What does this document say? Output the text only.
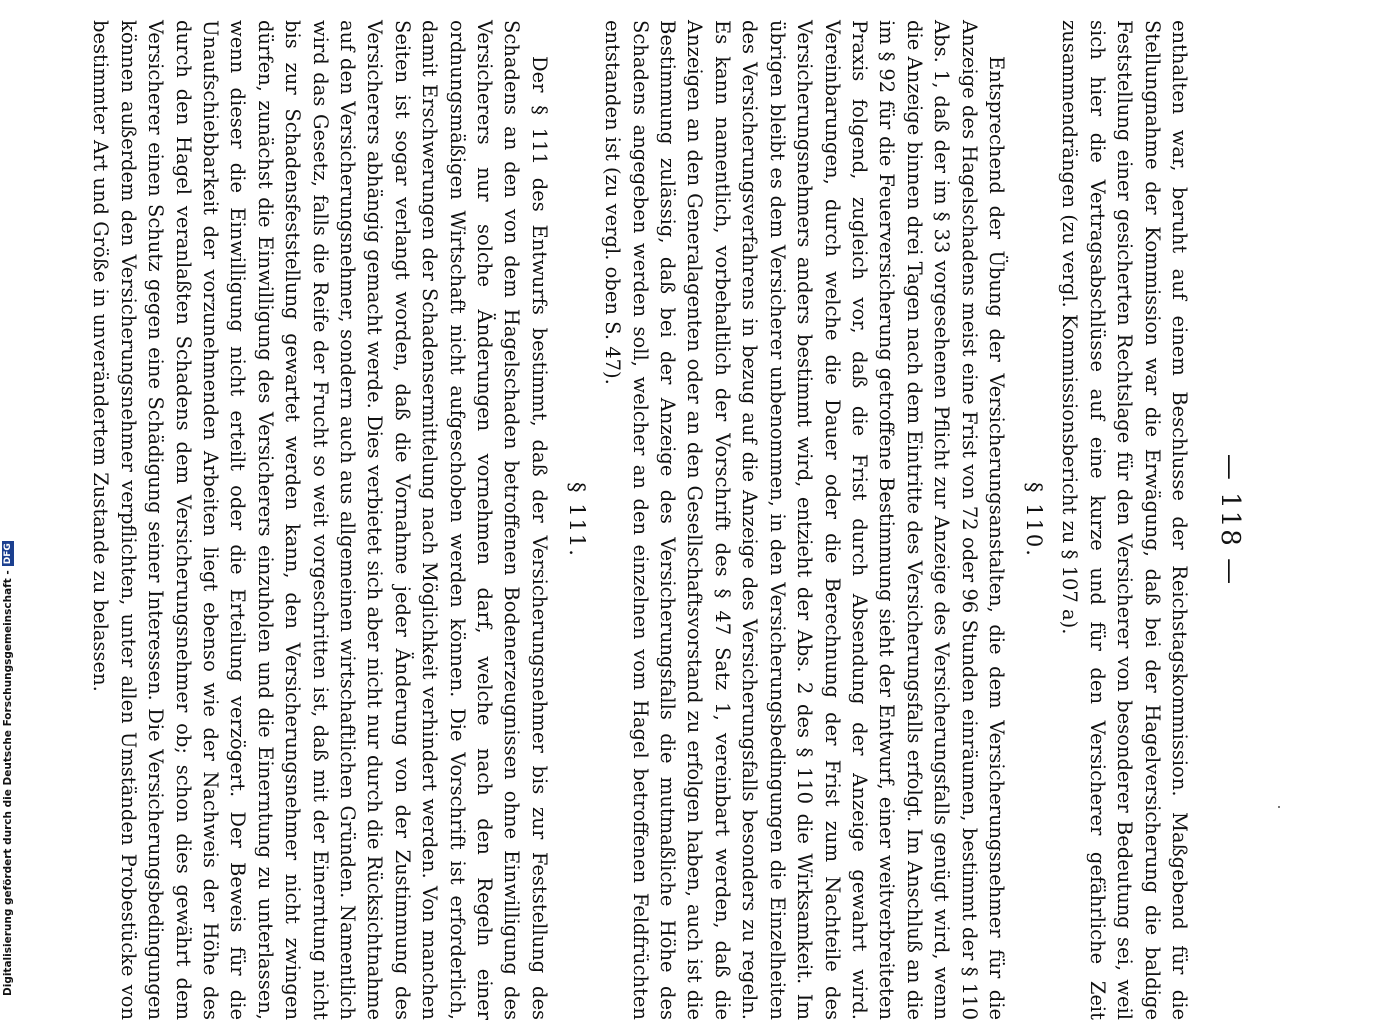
— 118 —

enthalten war, beruht auf einem Beschlusse der Reichstagskommission. Maßgebend für die Stellungnahme der Kommission war die Erwägung, daß bei der Hagelversicherung die baldige Feststellung einer gesicherten Rechtslage für den Versicherer von besonderer Bedeutung sei, weil sich hier die Vertragsabschlüsse auf eine kurze und für den Versicherer gefährliche Zeit zusammendrängen (zu vergl. Kommissionsbericht zu § 107 a).

§ 110.

Entsprechend der Übung der Versicherungsanstalten, die dem Versicherungsnehmer für die Anzeige des Hagelschadens meist eine Frist von 72 oder 96 Stunden einräumen, bestimmt der § 110 Abs. 1, daß der im § 33 vorgesehenen Pflicht zur Anzeige des Versicherungsfalls genügt wird, wenn die Anzeige binnen drei Tagen nach dem Eintritte des Versicherungsfalls erfolgt. Im Anschluß an die im § 92 für die Feuerversicherung getroffene Bestimmung sieht der Entwurf, einer weitverbreiteten Praxis folgend, zugleich vor, daß die Frist durch Absendung der Anzeige gewahrt wird. Vereinbarungen, durch welche die Dauer oder die Berechnung der Frist zum Nachteile des Versicherungsnehmers anders bestimmt wird, entzieht der Abs. 2 des § 110 die Wirksamkeit. Im übrigen bleibt es dem Versicherer unbenommen, in den Versicherungsbedingungen die Einzelheiten des Versicherungsverfahrens in bezug auf die Anzeige des Versicherungsfalls besonders zu regeln. Es kann namentlich, vorbehaltlich der Vorschrift des § 47 Satz 1, vereinbart werden, daß die Anzeigen an den Generalagenten oder an den Gesellschaftsvorstand zu erfolgen haben, auch ist die Bestimmung zulässig, daß bei der Anzeige des Versicherungsfalls die mutmaßliche Höhe des Schadens angegeben werden soll, welcher an den einzelnen vom Hagel betroffenen Feldfrüchten entstanden ist (zu vergl. oben S. 47).

§ 111.

Der § 111 des Entwurfs bestimmt, daß der Versicherungsnehmer bis zur Feststellung des Schadens an den von dem Hagelschaden betroffenen Bodenerzeugnissen ohne Einwilligung des Versicherers nur solche Änderungen vornehmen darf, welche nach den Regeln einer ordnungsmäßigen Wirtschaft nicht aufgeschoben werden können. Die Vorschrift ist erforderlich, damit Erschwerungen der Schadensermittelung nach Möglichkeit verhindert werden. Von manchen Seiten ist sogar verlangt worden, daß die Vornahme jeder Änderung von der Zustimmung des Versicherers abhängig gemacht werde. Dies verbietet sich aber nicht nur durch die Rücksichtnahme auf den Versicherungsnehmer, sondern auch aus allgemeinen wirtschaftlichen Gründen. Namentlich wird das Gesetz, falls die Reife der Frucht so weit vorgeschritten ist, daß mit der Einerntung nicht bis zur Schadensfeststellung gewartet werden kann, den Versicherungsnehmer nicht zwingen dürfen, zunächst die Einwilligung des Versicherers einzuholen und die Einerntung zu unterlassen, wenn dieser die Einwilligung nicht erteilt oder die Erteilung verzögert. Der Beweis für die Unaufschiebbarkeit der vorzunehmenden Arbeiten liegt ebenso wie der Nachweis der Höhe des durch den Hagel veranlaßten Schadens dem Versicherungsnehmer ob; schon dies gewährt dem Versicherer einen Schutz gegen eine Schädigung seiner Interessen. Die Versicherungsbedingungen können außerdem den Versicherungsnehmer verpflichten, unter allen Umständen Probestücke von bestimmter Art und Größe in unverändertem Zustande zu belassen.

Digitalisierung gefördert durch die Deutsche Forschungsgemeinschaft -DFG
